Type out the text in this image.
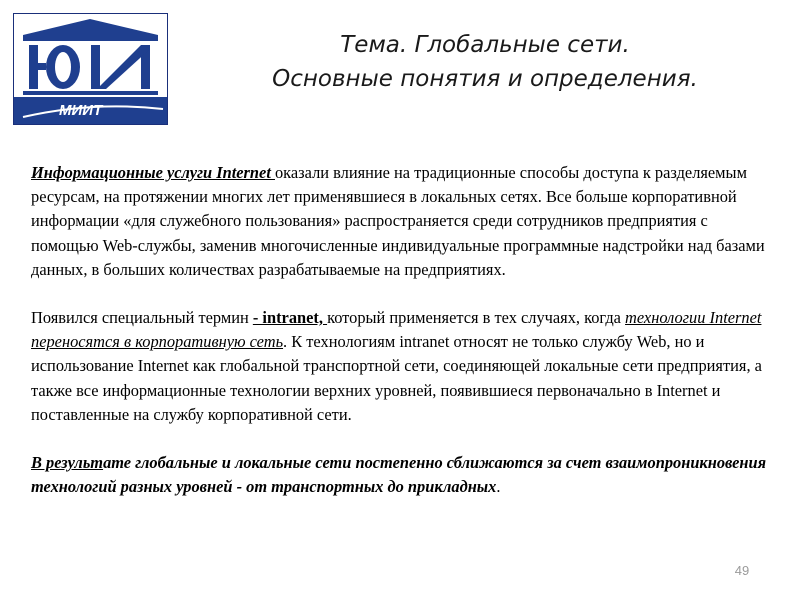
МИИТ
Тема. Глобальные сети.
Основные понятия и определения.

Информационные услуги Internet оказали влияние на традиционные способы доступа к разделяемым ресурсам, на протяжении многих лет применявшиеся в локальных сетях. Все больше корпоративной информации «для служебного пользования» распространяется среди сотрудников предприятия с помощью Web-службы, заменив многочисленные индивидуальные программные надстройки над базами данных, в больших количествах разрабатываемые на предприятиях.

Появился специальный термин - intranet, который применяется в тех случаях, когда технологии Internet переносятся в корпоративную сеть. К технологиям intranet относят не только службу Web, но и использование Internet как глобальной транспортной сети, соединяющей локальные сети предприятия, а также все информационные технологии верхних уровней, появившиеся первоначально в Internet и поставленные на службу корпоративной сети.

В результате глобальные и локальные сети постепенно сближаются за счет взаимопроникновения технологий разных уровней - от транспортных до прикладных.

49
